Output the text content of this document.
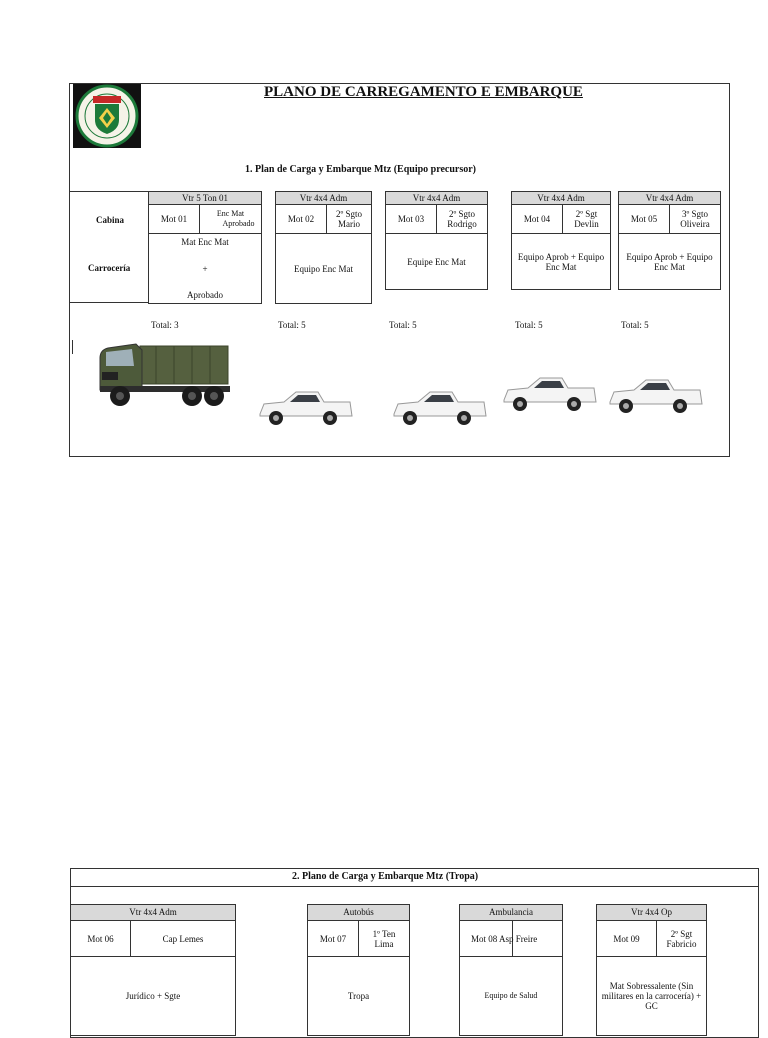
PLANO DE CARREGAMENTO E EMBARQUE
1. Plan de Carga y Embarque Mtz (Equipo precursor)
Cabina
Carrocería
Vtr 5 Ton 01
Mot 01
Enc Mat
Aprobado
Mat Enc Mat
+
Aprobado
Vtr 4x4 Adm
Mot 02	2º Sgto
Mario
Equipo Enc Mat
Vtr 4x4 Adm
Mot 03	2º Sgto
Rodrigo
Equipe Enc Mat
Vtr 4x4 Adm
Mot 04	2º Sgt
Devlin
Equipo Aprob + Equipo
Enc Mat
Vtr 4x4 Adm
Mot 05	3º Sgto
Oliveira
Equipo Aprob + Equipo
Enc Mat
Total: 3	Total: 5	Total: 5	Total: 5	Total: 5
2. Plano de Carga y Embarque Mtz (Tropa)
Vtr 4x4 Adm
Mot 06	Cap Lemes
Jurídico + Sgte
Autobús
Mot 07	1º Ten
Lima
Tropa
Ambulancia
Mot 08 Asp Freire
Equipo de Salud
Vtr 4x4 Op
Mot 09	2º Sgt
Fabricio
Mat Sobressalente (Sin
militares en la carrocería) +
GC
